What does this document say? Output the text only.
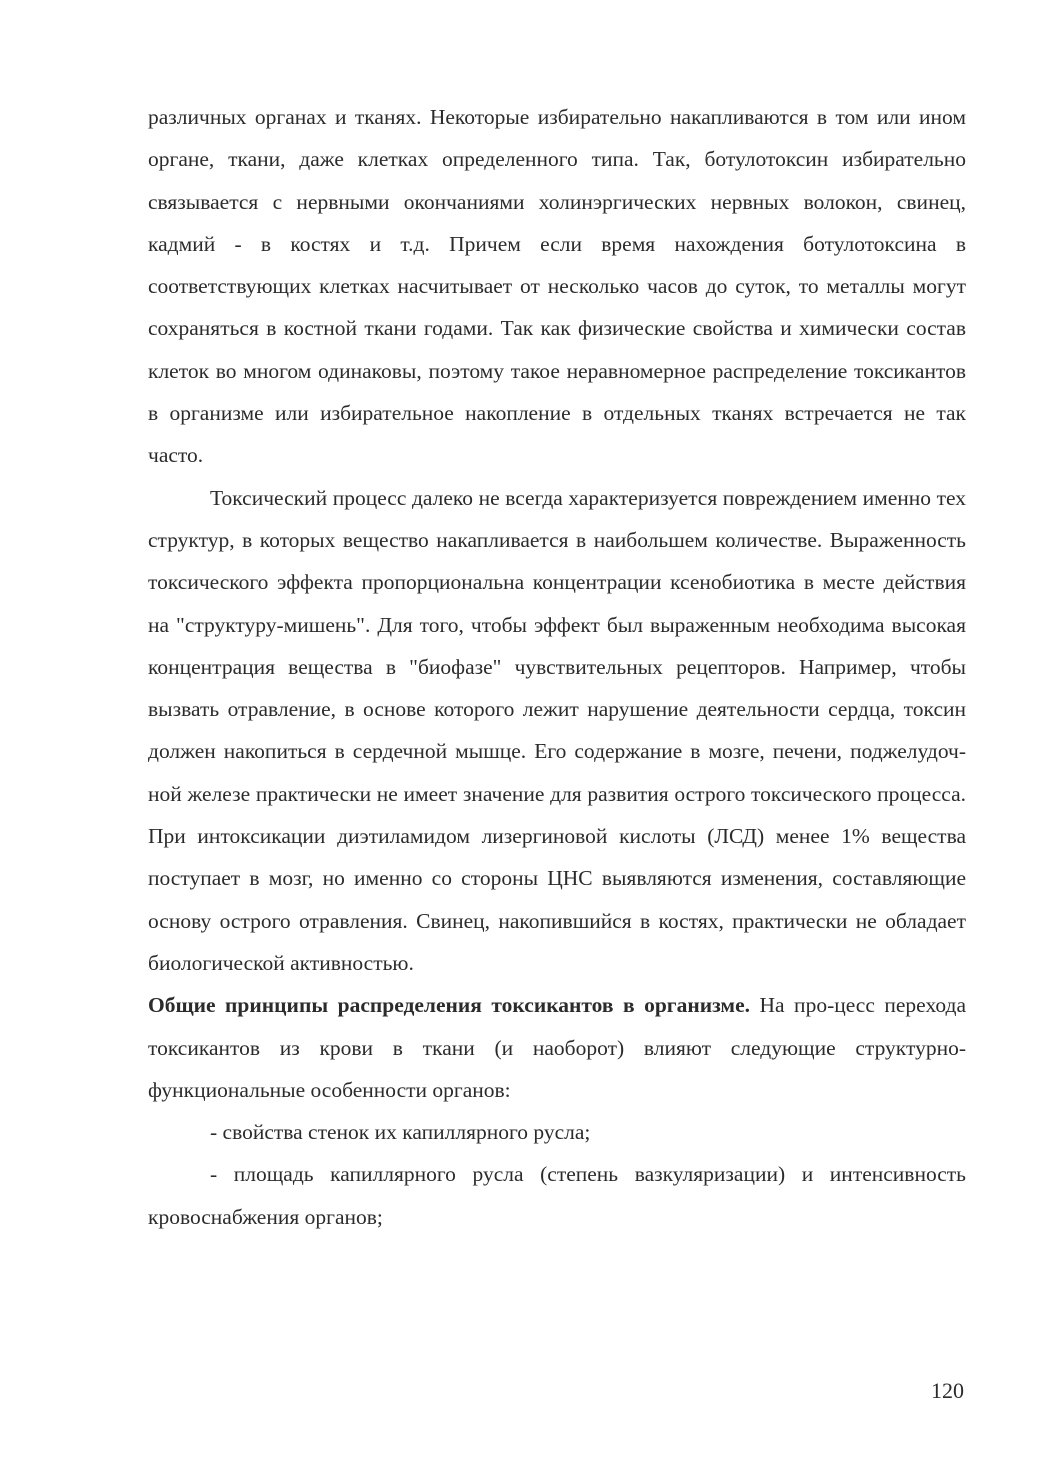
различных органах и тканях. Некоторые избирательно накапливаются в том или ином органе, ткани, даже клетках определенного типа. Так, ботулотоксин избирательно связывается с нервными окончаниями холинэргических нервных волокон, свинец, кадмий - в костях и т.д. Причем если время нахождения ботулотоксина в соответствующих клетках насчитывает от несколько часов до суток, то металлы могут сохраняться в костной ткани годами. Так как физические свойства и химически состав клеток во многом одинаковы, поэтому такое неравномерное распределение токсикантов в организме или избирательное накопление в отдельных тканях встречается не так часто.

Токсический процесс далеко не всегда характеризуется повреждением именно тех структур, в которых вещество накапливается в наибольшем количестве. Выраженность токсического эффекта пропорциональна концентрации ксенобиотика в месте действия на "структуру-мишень". Для того, чтобы эффект был выраженным необходима высокая концентрация вещества в "биофазе" чувствительных рецепторов. Например, чтобы вызвать отравление, в основе которого лежит нарушение деятельности сердца, токсин должен накопиться в сердечной мышце. Его содержание в мозге, печени, поджелудочной железе практически не имеет значение для развития острого токсического процесса. При интоксикации диэтиламидом лизергиновой кислоты (ЛСД) менее 1% вещества поступает в мозг, но именно со стороны ЦНС выявляются изменения, составляющие основу острого отравления. Свинец, накопившийся в костях, практически не обладает биологической активностью.

Общие принципы распределения токсикантов в организме. На про-цесс перехода токсикантов из крови в ткани (и наоборот) влияют следующие структурно-функциональные особенности органов:

- свойства стенок их капиллярного русла;

- площадь капиллярного русла (степень вазкуляризации) и интенсивность кровоснабжения органов;

120
